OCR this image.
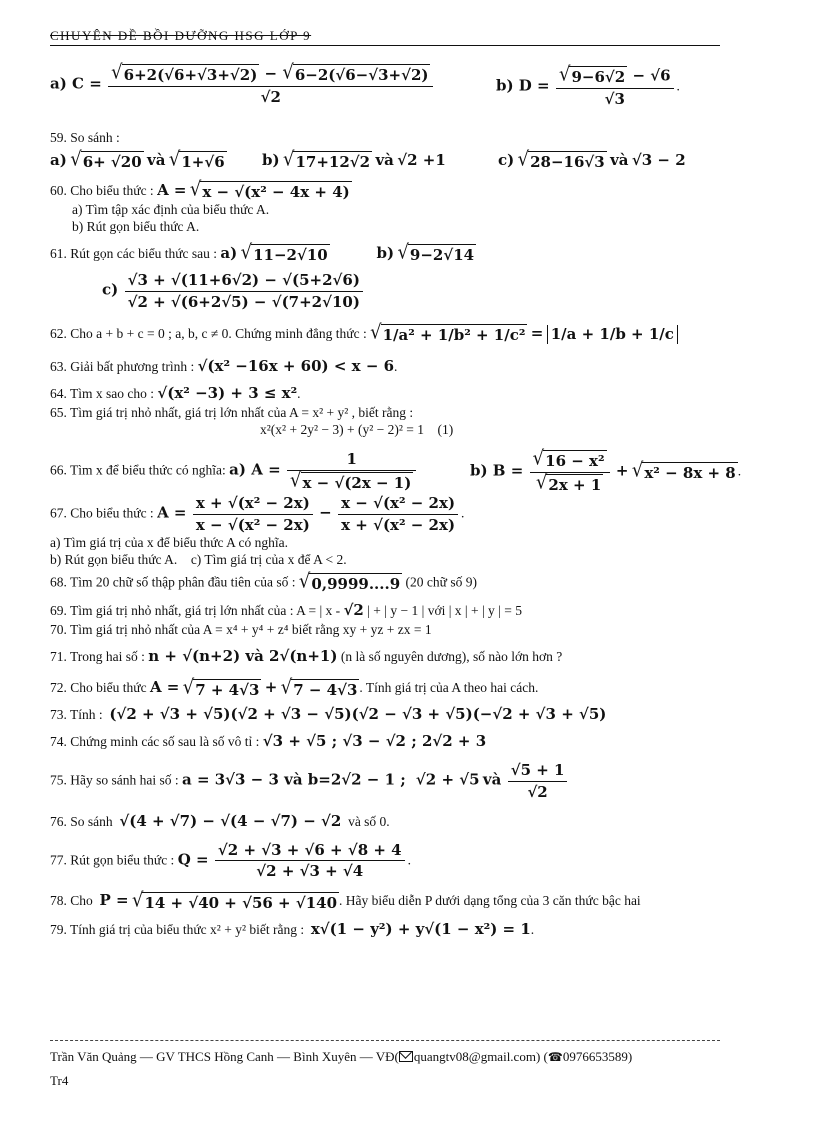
CHUYÊN ĐỀ BỒI DƯỠNG HSG LỚP 9
a) $C = \frac{√ 6+2(√6+√3+√2) - √ 6-2(√6-√3+√2)}{√2}$	b) $D = \frac{√ 9-6√2 - √6}{√3}$ .
59. So sánh :
a) √ 6+ √20 và √ 1+√6 b) √ 17+12√2 và √2 +1	c) √ 28−16√3 và √3 − 2
60. Cho biểu thức : A = √ x − √(x² − 4x + 4)
a) Tìm tập xác định của biểu thức A.
b) Rút gọn biểu thức A.
61. Rút gọn các biểu thức sau : a) √ 11−2√10	b) √ 9−2√14
$c) \frac{√3 + √(11+6√2) - √(5+2√6)}{√2 + √(6+2√5) - √(7+2√10)}$
62. Cho a + b + c = 0 ; a, b, c ≠ 0. Chứng minh đẳng thức : √ 1/a² + 1/b² + 1/c² = 1/a + 1/b + 1/c
63. Giải bất phương trình : √(x² −16x + 60) < x − 6.
64. Tìm x sao cho : √(x² −3) + 3 ≤ x².
65. Tìm giá trị nhỏ nhất, giá trị lớn nhất của A = x² + y² , biết rằng :
x²(x² + 2y² − 3) + (y² − 2)² = 1 (1)
66. Tìm x để biểu thức có nghĩa: a) $A = \frac{1}{√ x - √(2x - 1)}$	b) $B = \frac{\text{√ 16 − x²}}{√ 2x + 1}$ + √ x² − 8x + 8 .
67. Cho biểu thức : $A = \frac{\text{x + √(x² − 2x)}}{\text{x − √(x² − 2x)}} - \frac{\text{x − √(x² − 2x)}}{\text{x + √(x² − 2x)}}$ .
a) Tìm giá trị của x để biểu thức A có nghĩa.
b) Rút gọn biểu thức A. c) Tìm giá trị của x để A < 2.
68. Tìm 20 chữ số thập phân đầu tiên của số : √ 0,9999....9 (20 chữ số 9)
69. Tìm giá trị nhỏ nhất, giá trị lớn nhất của : A = | x - √2 | + | y − 1 | với | x | + | y | = 5
70. Tìm giá trị nhỏ nhất của A = x⁴ + y⁴ + z⁴ biết rằng xy + yz + zx = 1
71. Trong hai số : n + √(n+2) và 2√(n+1) (n là số nguyên dương), số nào lớn hơn ?
72. Cho biểu thức A = √ 7 + 4√3 + √ 7 − 4√3 . Tính giá trị của A theo hai cách.
73. Tính : (√2 + √3 + √5)(√2 + √3 − √5)(√2 − √3 + √5)(−√2 + √3 + √5)
74. Chứng minh các số sau là số vô tỉ : √3 + √5 ; √3 − √2 ; 2√2 + 3
75. Hãy so sánh hai số : a = 3√3 − 3 và b=2√2 − 1 ; √2 + √5 và $\frac{√5 + 1}{√2}$
76. So sánh √(4 + √7) − √(4 − √7) − √2 và số 0.
77. Rút gọn biểu thức : $Q = \frac{√2 + √3 + √6 + √8 + 4}{√2 + √3 + √4}$ .
78. Cho P = √ 14 + √40 + √56 + √140 . Hãy biểu diễn P dưới dạng tổng của 3 căn thức bậc hai
79. Tính giá trị của biểu thức x² + y² biết rằng : x√(1 − y²) + y√(1 − x²) = 1.
Trần Văn Quảng — GV THCS Hồng Canh — Bình Xuyên — VĐ( quangtv08@gmail.com) (☎0976653589)
Tr4
